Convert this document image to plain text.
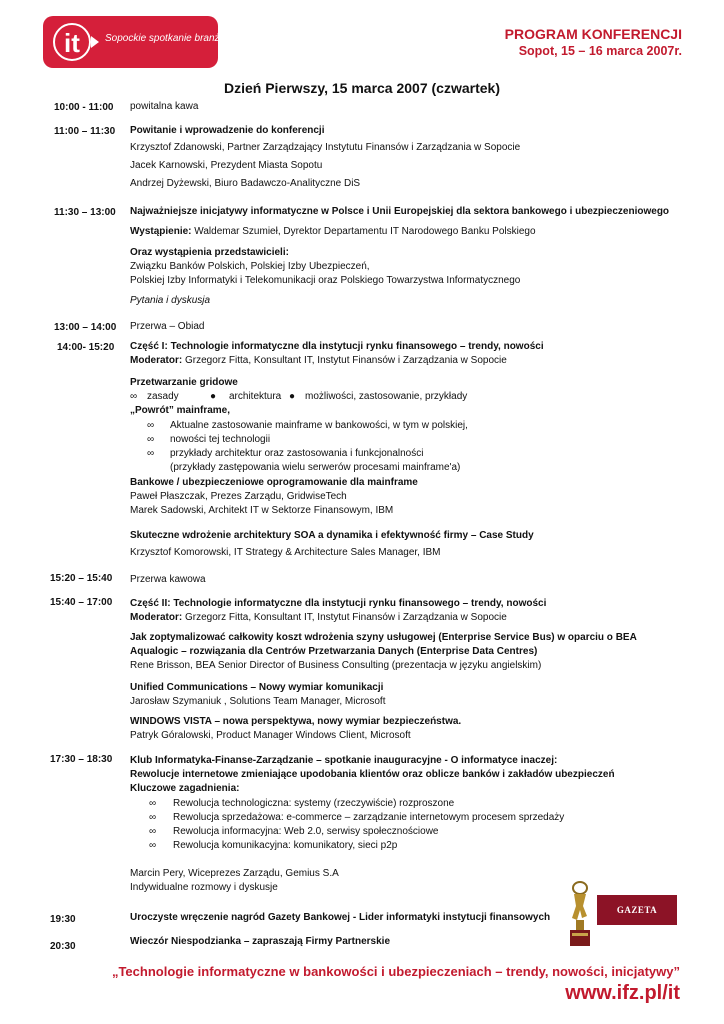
it	Sopockie spotkanie branży IT	PROGRAM KONFERENCJI
Sopot, 15 – 16 marca 2007r.
Dzień Pierwszy, 15 marca 2007 (czwartek)
10:00 - 11:00 powitalna kawa
11:00 – 11:30 Powitanie i wprowadzenie do konferencji
Krzysztof Zdanowski, Partner Zarządzający Instytutu Finansów i Zarządzania w Sopocie
Jacek Karnowski, Prezydent Miasta Sopotu
Andrzej Dyżewski, Biuro Badawczo-Analityczne DiS
11:30 – 13:00 Najważniejsze inicjatywy informatyczne w Polsce i Unii Europejskiej dla sektora bankowego i ubezpieczeniowego
Wystąpienie: Waldemar Szumieł, Dyrektor Departamentu IT Narodowego Banku Polskiego
Oraz wystąpienia przedstawicieli:
Związku Banków Polskich, Polskiej Izby Ubezpieczeń,
Polskiej Izby Informatyki i Telekomunikacji oraz Polskiego Towarzystwa Informatycznego
Pytania i dyskusja
13:00 – 14:00 Przerwa – Obiad
14:00- 15:20 Część I: Technologie informatyczne dla instytucji rynku finansowego – trendy, nowości
Moderator: Grzegorz Fitta, Konsultant IT, Instytut Finansów i Zarządzania w Sopocie
Przetwarzanie gridowe
∞ zasady	● architektura ● możliwości, zastosowanie, przykłady
„Powrót” mainframe,
∞ Aktualne zastosowanie mainframe w bankowości, w tym w polskiej,
∞ nowości tej technologii
∞ przykłady architektur oraz zastosowania i funkcjonalności
(przykłady zastępowania wielu serwerów procesami mainframe'a)
Bankowe / ubezpieczeniowe oprogramowanie dla mainframe
Paweł Płaszczak, Prezes Zarządu, GridwiseTech
Marek Sadowski, Architekt IT w Sektorze Finansowym, IBM
Skuteczne wdrożenie architektury SOA a dynamika i efektywność firmy – Case Study
Krzysztof Komorowski, IT Strategy & Architecture Sales Manager, IBM
15:20 – 15:40 Przerwa kawowa
15:40 – 17:00 Część II: Technologie informatyczne dla instytucji rynku finansowego – trendy, nowości
Moderator: Grzegorz Fitta, Konsultant IT, Instytut Finansów i Zarządzania w Sopocie
Jak zoptymalizować całkowity koszt wdrożenia szyny usługowej (Enterprise Service Bus) w oparciu o BEA
Aqualogic – rozwiązania dla Centrów Przetwarzania Danych (Enterprise Data Centres)
Rene Brisson, BEA Senior Director of Business Consulting (prezentacja w języku angielskim)
Unified Communications – Nowy wymiar komunikacji
Jarosław Szymaniuk , Solutions Team Manager, Microsoft
WINDOWS VISTA – nowa perspektywa, nowy wymiar bezpieczeństwa.
Patryk Góralowski, Product Manager Windows Client, Microsoft
17:30 – 18:30 Klub Informatyka-Finanse-Zarządzanie – spotkanie inauguracyjne - O informatyce inaczej:
Rewolucje internetowe zmieniające upodobania klientów oraz oblicze banków i zakładów ubezpieczeń
Kluczowe zagadnienia:
∞ Rewolucja technologiczna: systemy (rzeczywiście) rozproszone
∞ Rewolucja sprzedażowa: e-commerce – zarządzanie internetowym procesem sprzedaży
∞ Rewolucja informacyjna: Web 2.0, serwisy społecznościowe
∞ Rewolucja komunikacyjna: komunikatory, sieci p2p
Marcin Pery, Wiceprezes Zarządu, Gemius S.A
Indywidualne rozmowy i dyskusje
19:30	Uroczyste wręczenie nagród Gazety Bankowej - Lider informatyki instytucji finansowych
20:30	Wieczór Niespodzianka – zapraszają Firmy Partnerskie
GAZETA BANKOWA
„Technologie informatyczne w bankowości i ubezpieczeniach – trendy, nowości, inicjatywy”
www.ifz.pl/it
